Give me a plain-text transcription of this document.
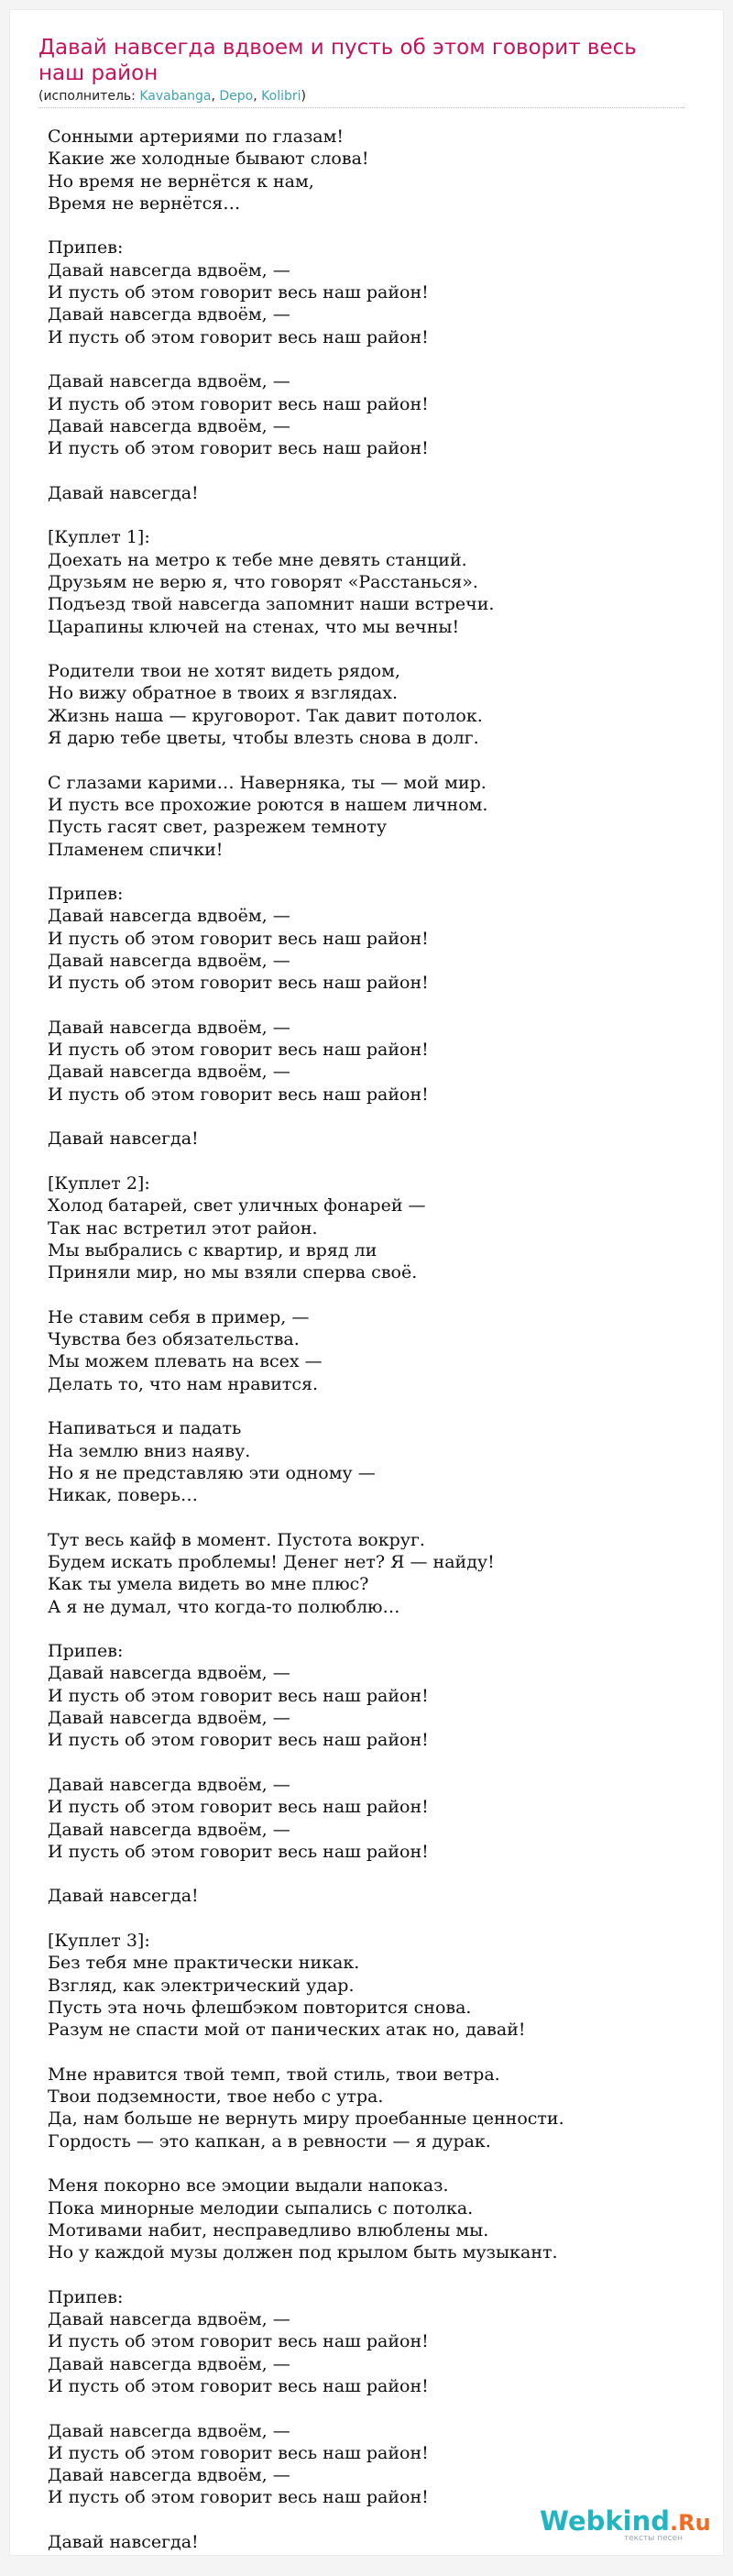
Давай навсегда вдвоем и пусть об этом говорит весь наш район
(исполнитель: Kavabanga, Depo, Kolibri)
Сонными артериями по глазам!
Какие же холодные бывают слова!
Но время не вернётся к нам,
Время не вернётся…
Припев:
Давай навсегда вдвоём, —
И пусть об этом говорит весь наш район!
Давай навсегда вдвоём, —
И пусть об этом говорит весь наш район!
Давай навсегда вдвоём, —
И пусть об этом говорит весь наш район!
Давай навсегда вдвоём, —
И пусть об этом говорит весь наш район!
Давай навсегда!
[Куплет 1]:
Доехать на метро к тебе мне девять станций.
Друзьям не верю я, что говорят «Расстанься».
Подъезд твой навсегда запомнит наши встречи.
Царапины ключей на стенах, что мы вечны!
Родители твои не хотят видеть рядом,
Но вижу обратное в твоих я взглядах.
Жизнь наша — круговорот. Так давит потолок.
Я дарю тебе цветы, чтобы влезть снова в долг.
С глазами карими… Наверняка, ты — мой мир.
И пусть все прохожие роются в нашем личном.
Пусть гасят свет, разрежем темноту
Пламенем спички!
Припев:
Давай навсегда вдвоём, —
И пусть об этом говорит весь наш район!
Давай навсегда вдвоём, —
И пусть об этом говорит весь наш район!
Давай навсегда вдвоём, —
И пусть об этом говорит весь наш район!
Давай навсегда вдвоём, —
И пусть об этом говорит весь наш район!
Давай навсегда!
[Куплет 2]:
Холод батарей, свет уличных фонарей —
Так нас встретил этот район.
Мы выбрались с квартир, и вряд ли
Приняли мир, но мы взяли сперва своё.
Не ставим себя в пример, —
Чувства без обязательства.
Мы можем плевать на всех —
Делать то, что нам нравится.
Напиваться и падать
На землю вниз наяву.
Но я не представляю эти одному —
Никак, поверь…
Тут весь кайф в момент. Пустота вокруг.
Будем искать проблемы! Денег нет? Я — найду!
Как ты умела видеть во мне плюс?
А я не думал, что когда-то полюблю…
Припев:
Давай навсегда вдвоём, —
И пусть об этом говорит весь наш район!
Давай навсегда вдвоём, —
И пусть об этом говорит весь наш район!
Давай навсегда вдвоём, —
И пусть об этом говорит весь наш район!
Давай навсегда вдвоём, —
И пусть об этом говорит весь наш район!
Давай навсегда!
[Куплет 3]:
Без тебя мне практически никак.
Взгляд, как электрический удар.
Пусть эта ночь флешбэком повторится снова.
Разум не спасти мой от панических атак но, давай!
Мне нравится твой темп, твой стиль, твои ветра.
Твои подземности, твое небо с утра.
Да, нам больше не вернуть миру проебанные ценности.
Гордость — это капкан, а в ревности — я дурак.
Меня покорно все эмоции выдали напоказ.
Пока минорные мелодии сыпались с потолка.
Мотивами набит, несправедливо влюблены мы.
Но у каждой музы должен под крылом быть музыкант.
Припев:
Давай навсегда вдвоём, —
И пусть об этом говорит весь наш район!
Давай навсегда вдвоём, —
И пусть об этом говорит весь наш район!
Давай навсегда вдвоём, —
И пусть об этом говорит весь наш район!
Давай навсегда вдвоём, —
И пусть об этом говорит весь наш район!
Давай навсегда!
Webkind.Ru
тексты песен
